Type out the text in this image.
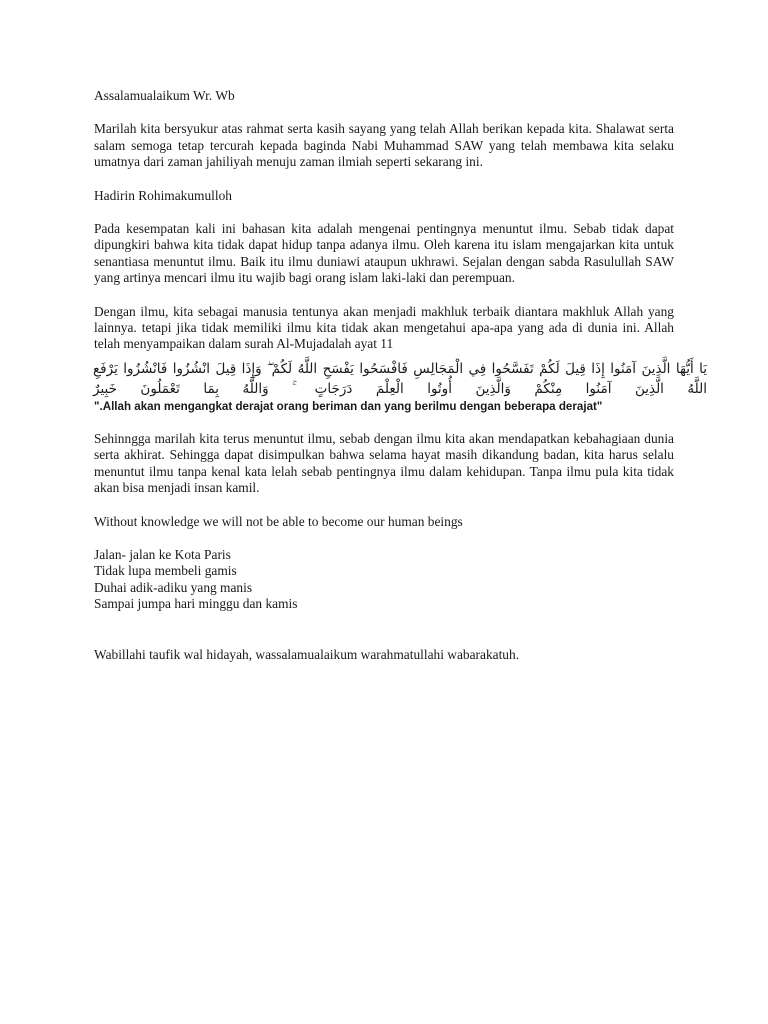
Assalamualaikum Wr. Wb

Marilah kita bersyukur atas rahmat serta kasih sayang yang telah Allah berikan kepada kita. Shalawat serta salam semoga tetap tercurah kepada baginda Nabi Muhammad SAW yang telah membawa kita selaku umatnya dari zaman jahiliyah menuju zaman ilmiah seperti sekarang ini.

Hadirin Rohimakumulloh

Pada kesempatan kali ini bahasan kita adalah mengenai pentingnya menuntut ilmu. Sebab tidak dapat dipungkiri bahwa kita tidak dapat hidup tanpa adanya ilmu. Oleh karena itu islam mengajarkan kita untuk senantiasa menuntut ilmu. Baik itu ilmu duniawi ataupun ukhrawi. Sejalan dengan sabda Rasulullah SAW yang artinya mencari ilmu itu wajib bagi orang islam laki-laki dan perempuan.

Dengan ilmu, kita sebagai manusia tentunya akan menjadi makhluk terbaik diantara makhluk Allah yang lainnya. tetapi jika tidak memiliki ilmu kita tidak akan mengetahui apa-apa yang ada di dunia ini. Allah telah menyampaikan dalam surah Al-Mujadalah ayat 11

يَا أَيُّهَا الَّذِينَ آمَنُوا إِذَا قِيلَ لَكُمْ تَفَسَّحُوا فِي الْمَجَالِسِ فَافْسَحُوا يَفْسَحِ اللَّهُ لَكُمْ ۖ وَإِذَا قِيلَ انْشُزُوا فَانْشُزُوا يَرْفَعِ اللَّهُ الَّذِينَ آمَنُوا مِنْكُمْ وَالَّذِينَ أُوتُوا الْعِلْمَ دَرَجَاتٍ ۚ وَاللَّهُ بِمَا تَعْمَلُونَ خَبِيرٌ

".Allah akan mengangkat derajat orang beriman dan yang berilmu dengan beberapa derajat"

Sehinngga marilah kita terus menuntut ilmu, sebab dengan ilmu kita akan mendapatkan kebahagiaan dunia serta akhirat. Sehingga dapat disimpulkan bahwa selama hayat masih dikandung badan, kita harus selalu menuntut ilmu tanpa kenal kata lelah sebab pentingnya ilmu dalam kehidupan. Tanpa ilmu pula kita tidak akan bisa menjadi insan kamil.

Without knowledge we will not be able to become our human beings

Jalan- jalan ke Kota Paris

Tidak lupa membeli gamis

Duhai adik-adiku yang manis

Sampai jumpa hari minggu dan kamis

Wabillahi taufik wal hidayah, wassalamualaikum warahmatullahi wabarakatuh.
